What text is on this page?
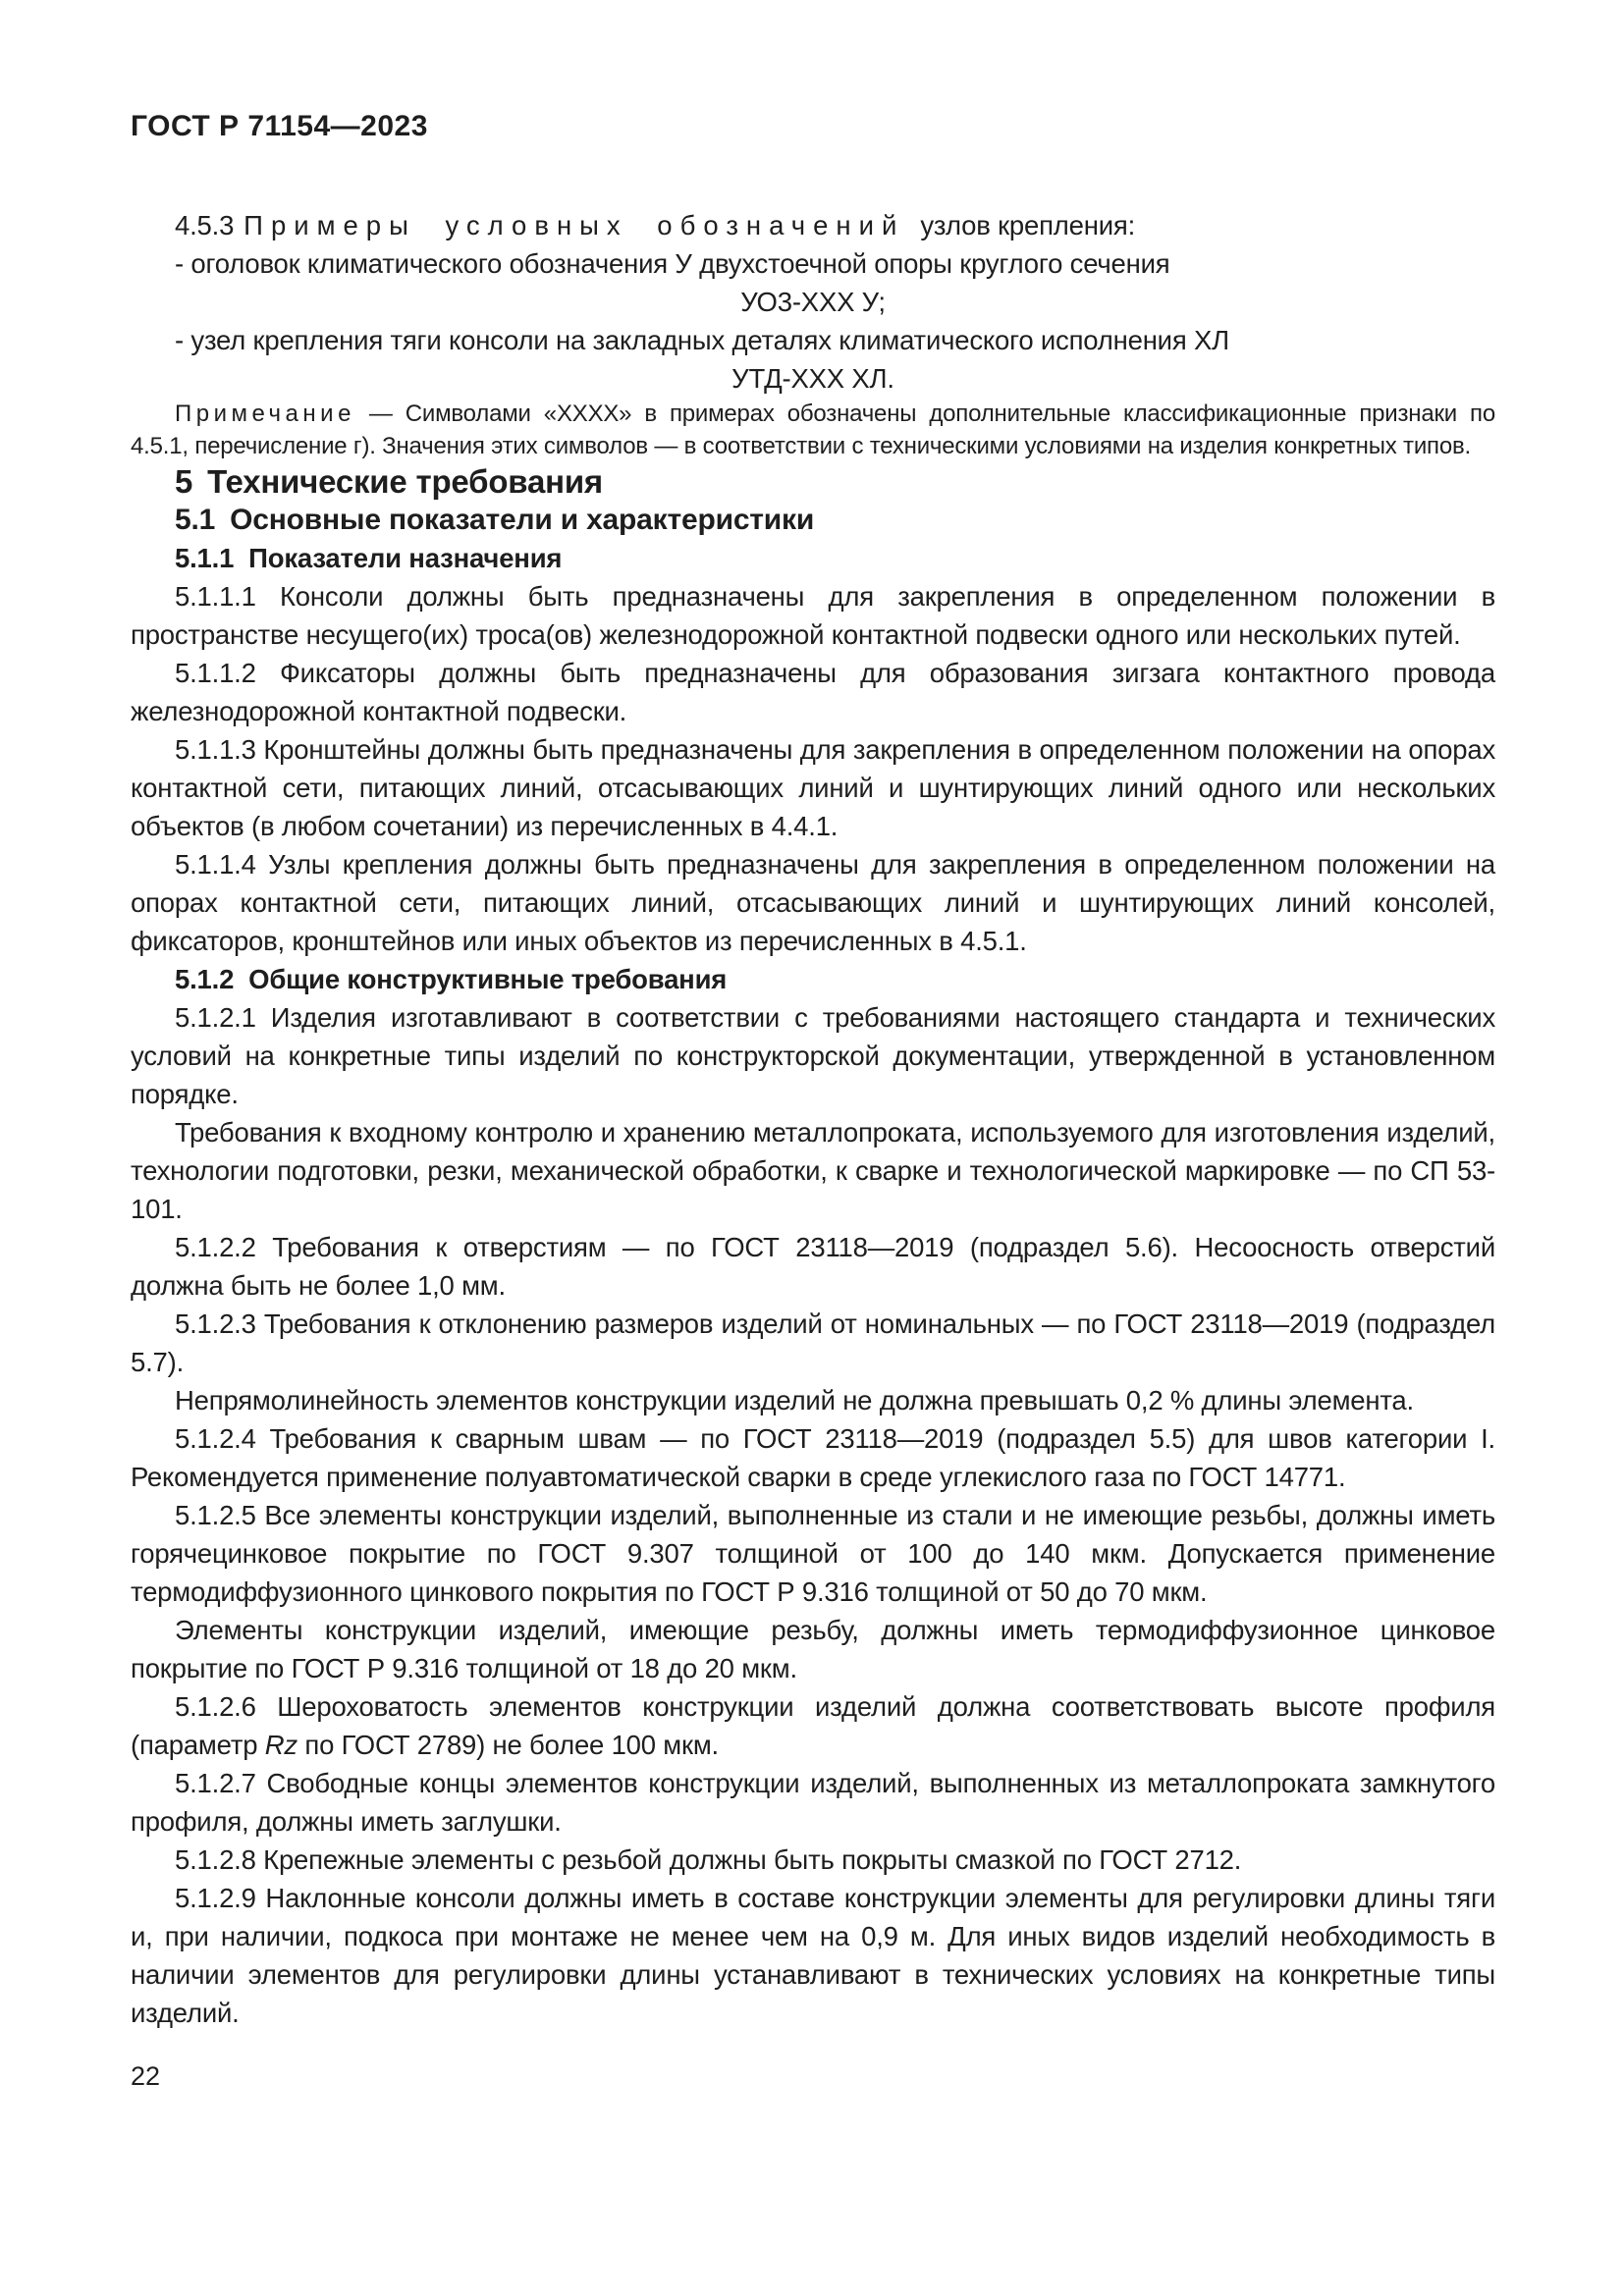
ГОСТ Р 71154—2023

4.5.3 Примеры условных обозначений узлов крепления:

- оголовок климатического обозначения У двухстоечной опоры круглого сечения

УО3-ХХХ У;

- узел крепления тяги консоли на закладных деталях климатического исполнения ХЛ

УТД-ХХХ ХЛ.

Примечание — Символами «ХХХХ» в примерах обозначены дополнительные классификационные признаки по 4.5.1, перечисление г). Значения этих символов — в соответствии с техническими условиями на изделия конкретных типов.

5 Технические требования

5.1 Основные показатели и характеристики

5.1.1 Показатели назначения

5.1.1.1 Консоли должны быть предназначены для закрепления в определенном положении в пространстве несущего(их) троса(ов) железнодорожной контактной подвески одного или нескольких путей.

5.1.1.2 Фиксаторы должны быть предназначены для образования зигзага контактного провода железнодорожной контактной подвески.

5.1.1.3 Кронштейны должны быть предназначены для закрепления в определенном положении на опорах контактной сети, питающих линий, отсасывающих линий и шунтирующих линий одного или нескольких объектов (в любом сочетании) из перечисленных в 4.4.1.

5.1.1.4 Узлы крепления должны быть предназначены для закрепления в определенном положении на опорах контактной сети, питающих линий, отсасывающих линий и шунтирующих линий консолей, фиксаторов, кронштейнов или иных объектов из перечисленных в 4.5.1.

5.1.2 Общие конструктивные требования

5.1.2.1 Изделия изготавливают в соответствии с требованиями настоящего стандарта и технических условий на конкретные типы изделий по конструкторской документации, утвержденной в установленном порядке.

Требования к входному контролю и хранению металлопроката, используемого для изготовления изделий, технологии подготовки, резки, механической обработки, к сварке и технологической маркировке — по СП 53-101.

5.1.2.2 Требования к отверстиям — по ГОСТ 23118—2019 (подраздел 5.6). Несоосность отверстий должна быть не более 1,0 мм.

5.1.2.3 Требования к отклонению размеров изделий от номинальных — по ГОСТ 23118—2019 (подраздел 5.7).

Непрямолинейность элементов конструкции изделий не должна превышать 0,2 % длины элемента.

5.1.2.4 Требования к сварным швам — по ГОСТ 23118—2019 (подраздел 5.5) для швов категории I. Рекомендуется применение полуавтоматической сварки в среде углекислого газа по ГОСТ 14771.

5.1.2.5 Все элементы конструкции изделий, выполненные из стали и не имеющие резьбы, должны иметь горячецинковое покрытие по ГОСТ 9.307 толщиной от 100 до 140 мкм. Допускается применение термодиффузионного цинкового покрытия по ГОСТ Р 9.316 толщиной от 50 до 70 мкм.

Элементы конструкции изделий, имеющие резьбу, должны иметь термодиффузионное цинковое покрытие по ГОСТ Р 9.316 толщиной от 18 до 20 мкм.

5.1.2.6 Шероховатость элементов конструкции изделий должна соответствовать высоте профиля (параметр Rz по ГОСТ 2789) не более 100 мкм.

5.1.2.7 Свободные концы элементов конструкции изделий, выполненных из металлопроката замкнутого профиля, должны иметь заглушки.

5.1.2.8 Крепежные элементы с резьбой должны быть покрыты смазкой по ГОСТ 2712.

5.1.2.9 Наклонные консоли должны иметь в составе конструкции элементы для регулировки длины тяги и, при наличии, подкоса при монтаже не менее чем на 0,9 м. Для иных видов изделий необходимость в наличии элементов для регулировки длины устанавливают в технических условиях на конкретные типы изделий.

22
